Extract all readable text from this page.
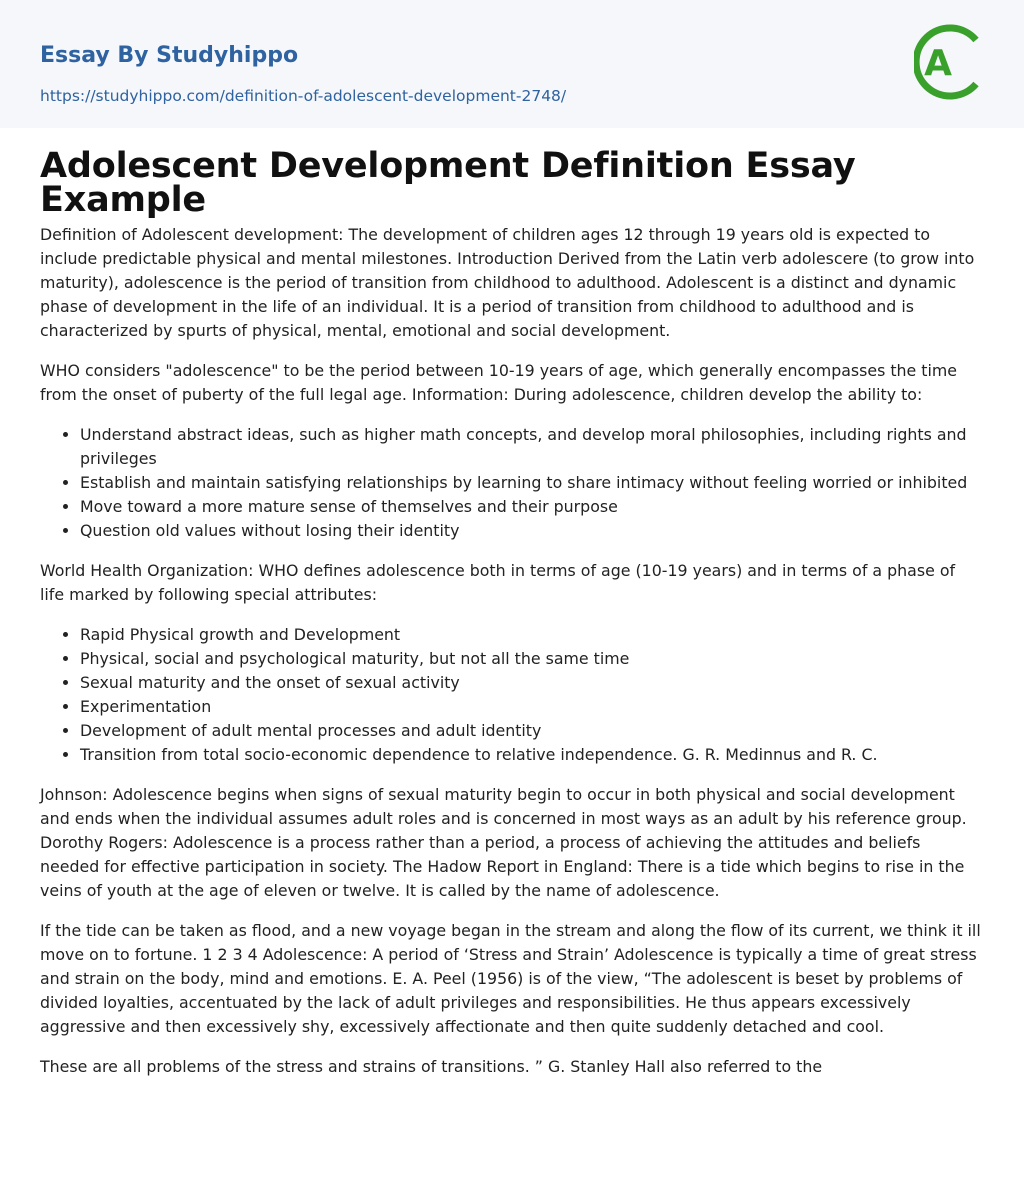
Essay By Studyhippo
https://studyhippo.com/definition-of-adolescent-development-2748/
A
Adolescent Development Definition Essay Example

Definition of Adolescent development: The development of children ages 12 through 19 years old is expected to include predictable physical and mental milestones. Introduction Derived from the Latin verb adolescere (to grow into maturity), adolescence is the period of transition from childhood to adulthood. Adolescent is a distinct and dynamic phase of development in the life of an individual. It is a period of transition from childhood to adulthood and is characterized by spurts of physical, mental, emotional and social development.

WHO considers "adolescence" to be the period between 10-19 years of age, which generally encompasses the time from the onset of puberty of the full legal age. Information: During adolescence, children develop the ability to:

• Understand abstract ideas, such as higher math concepts, and develop moral philosophies, including rights and privileges
• Establish and maintain satisfying relationships by learning to share intimacy without feeling worried or inhibited
• Move toward a more mature sense of themselves and their purpose
• Question old values without losing their identity

World Health Organization: WHO defines adolescence both in terms of age (10-19 years) and in terms of a phase of life marked by following special attributes:

• Rapid Physical growth and Development
• Physical, social and psychological maturity, but not all the same time
• Sexual maturity and the onset of sexual activity
• Experimentation
• Development of adult mental processes and adult identity
• Transition from total socio-economic dependence to relative independence. G. R. Medinnus and R. C.

Johnson: Adolescence begins when signs of sexual maturity begin to occur in both physical and social development and ends when the individual assumes adult roles and is concerned in most ways as an adult by his reference group. Dorothy Rogers: Adolescence is a process rather than a period, a process of achieving the attitudes and beliefs needed for effective participation in society. The Hadow Report in England: There is a tide which begins to rise in the veins of youth at the age of eleven or twelve. It is called by the name of adolescence.

If the tide can be taken as flood, and a new voyage began in the stream and along the flow of its current, we think it ill move on to fortune. 1 2 3 4 Adolescence: A period of ‘Stress and Strain’ Adolescence is typically a time of great stress and strain on the body, mind and emotions. E. A. Peel (1956) is of the view, “The adolescent is beset by problems of divided loyalties, accentuated by the lack of adult privileges and responsibilities. He thus appears excessively aggressive and then excessively shy, excessively affectionate and then quite suddenly detached and cool.

These are all problems of the stress and strains of transitions. ” G. Stanley Hall also referred to the
